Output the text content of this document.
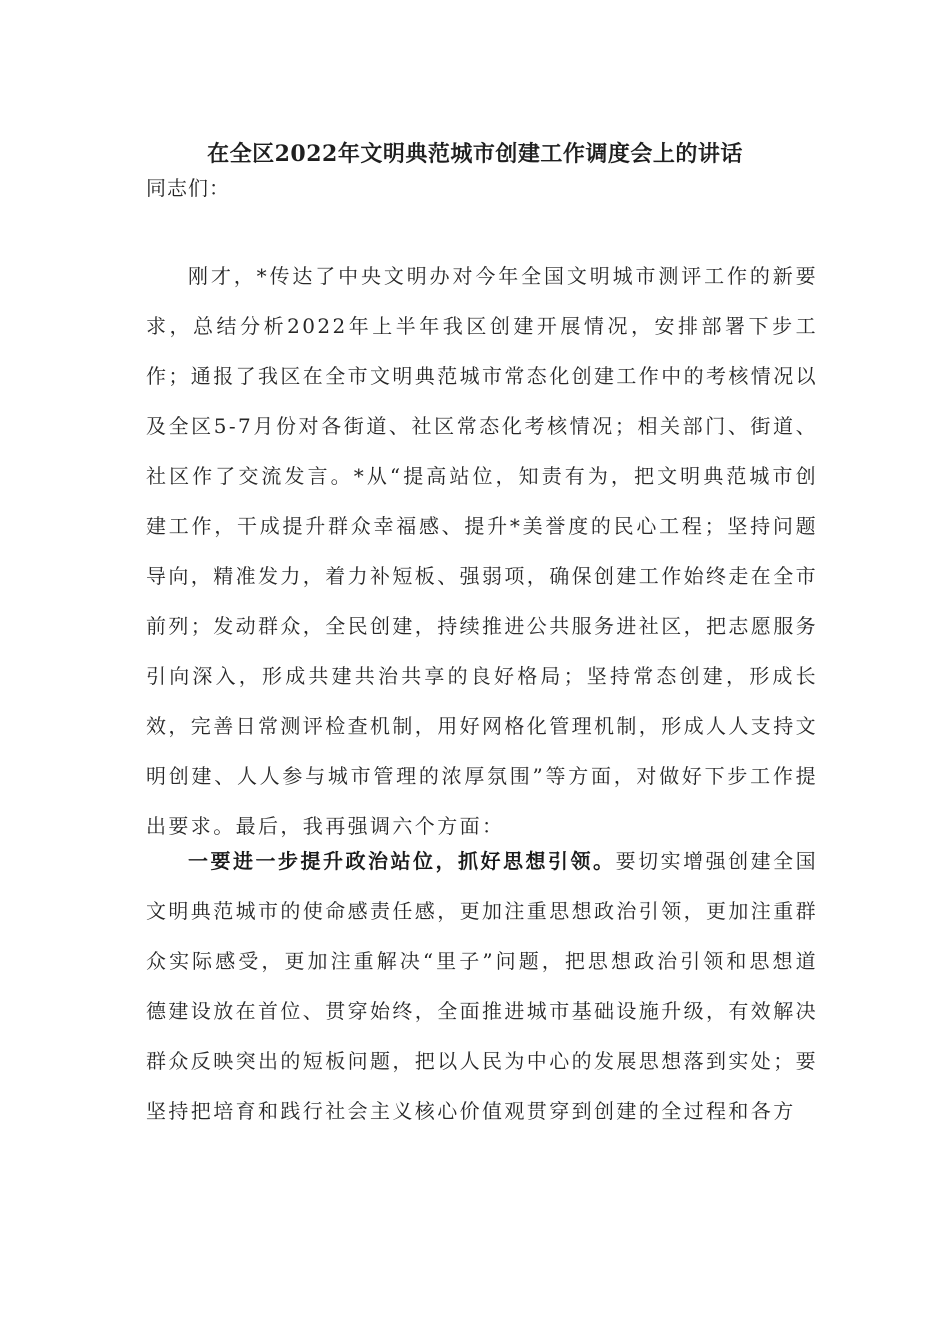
在全区2022年文明典范城市创建工作调度会上的讲话
同志们：

刚才，*传达了中央文明办对今年全国文明城市测评工作的新要求，总结分析2022年上半年我区创建开展情况，安排部署下步工作；通报了我区在全市文明典范城市常态化创建工作中的考核情况以及全区5-7月份对各街道、社区常态化考核情况；相关部门、街道、社区作了交流发言。*从“提高站位，知责有为，把文明典范城市创建工作，干成提升群众幸福感、提升*美誉度的民心工程；坚持问题导向，精准发力，着力补短板、强弱项，确保创建工作始终走在全市前列；发动群众，全民创建，持续推进公共服务进社区，把志愿服务引向深入，形成共建共治共享的良好格局；坚持常态创建，形成长效，完善日常测评检查机制，用好网格化管理机制，形成人人支持文明创建、人人参与城市管理的浓厚氛围”等方面，对做好下步工作提出要求。最后，我再强调六个方面：

一要进一步提升政治站位，抓好思想引领。要切实增强创建全国文明典范城市的使命感责任感，更加注重思想政治引领，更加注重群众实际感受，更加注重解决“里子”问题，把思想政治引领和思想道德建设放在首位、贯穿始终，全面推进城市基础设施升级，有效解决群众反映突出的短板问题，把以人民为中心的发展思想落到实处；要坚持把培育和践行社会主义核心价值观贯穿到创建的全过程和各方
